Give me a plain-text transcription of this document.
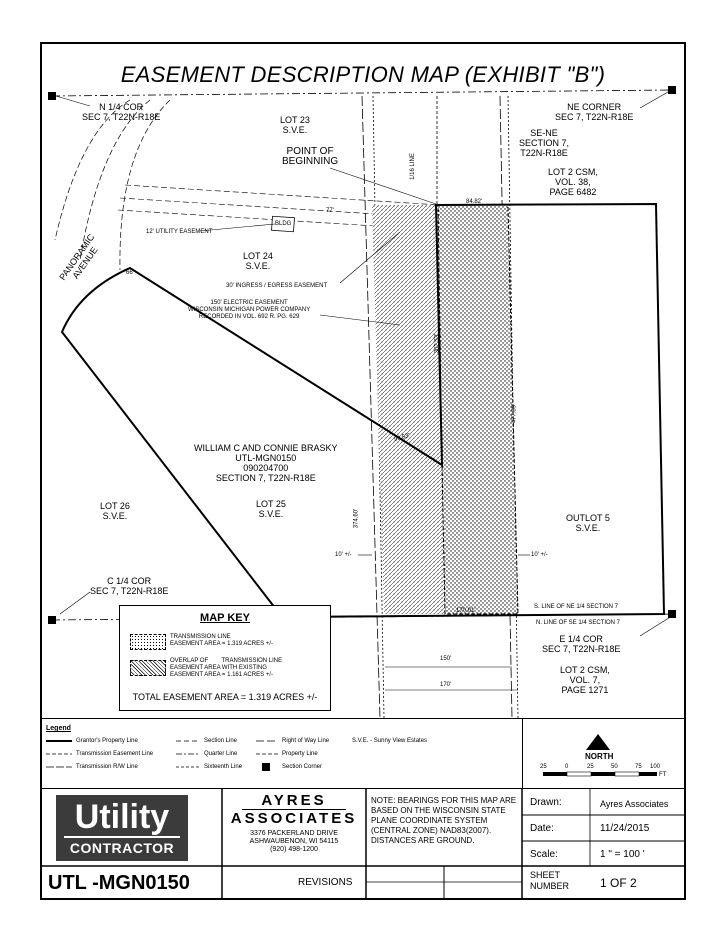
EASEMENT DESCRIPTION MAP (EXHIBIT "B")
N 1/4 COR
SEC 7, T22N-R18E
NE CORNER
SEC 7, T22N-R18E
LOT 23
S.V.E.	SE-NE
SECTION 7,
T22N-R18E
POINT OF
BEGINNING	1/16 LINE	LOT 2 CSM,
VOL. 38,
PAGE 6482
84.82'
77'
BLDG
12' UTILITY EASEMENT
PANORAMIC
AVENUE	66'
LOT 24
S.V.E.
30' INGRESS / EGRESS EASEMENT
150' ELECTRIC EASEMENT
WISCONSIN MICHIGAN POWER COMPANY
RECORDED IN VOL. 692 R. PG. 629
302.53'
477.89'
99.53'
WILLIAM C AND CONNIE BRASKY
UTL-MGN0150
090204700
SECTION 7, T22N-R18E
LOT 26
S.V.E.
LOT 25
S.V.E.	374.60'	OUTLOT 5
S.V.E.
10' +/-	10' +/-
C 1/4 COR
SEC 7, T22N-R18E
170.01'
S. LINE OF NE 1/4 SECTION 7
N. LINE OF SE 1/4 SECTION 7
E 1/4 COR
SEC 7, T22N-R18E
150'
170'
LOT 2 CSM,
VOL. 7,
PAGE 1271
MAP KEY
TRANSMISSION LINE
EASEMENT AREA = 1.319 ACRES +/-
OVERLAP OF        TRANSMISSION LINE
EASEMENT AREA WITH EXISTING
EASEMENT AREA = 1.161 ACRES +/-
TOTAL EASEMENT AREA = 1.319 ACRES +/-
Legend
Grantor's Property Line
Transmission Easement Line
Transmission R/W Line
Section Line
Quarter Line
Sixteenth Line
Right of Way Line
Property Line
Section Corner
S.V.E. - Sunny View Estates
NORTH
25	0	25	50	75 100
FT
Utility
CONTRACTOR
AYRES
ASSOCIATES
3376 PACKERLAND DRIVE
ASHWAUBENON, WI 54115
(920) 498-1200
NOTE: BEARINGS FOR THIS MAP ARE BASED ON THE WISCONSIN STATE PLANE COORDINATE SYSTEM (CENTRAL ZONE) NAD83(2007). DISTANCES ARE GROUND.
Drawn:	Ayres Associates
Date:	11/24/2015
Scale:	1 " = 100 '
UTL -MGN0150	REVISIONS
SHEET
NUMBER	1 OF 2
